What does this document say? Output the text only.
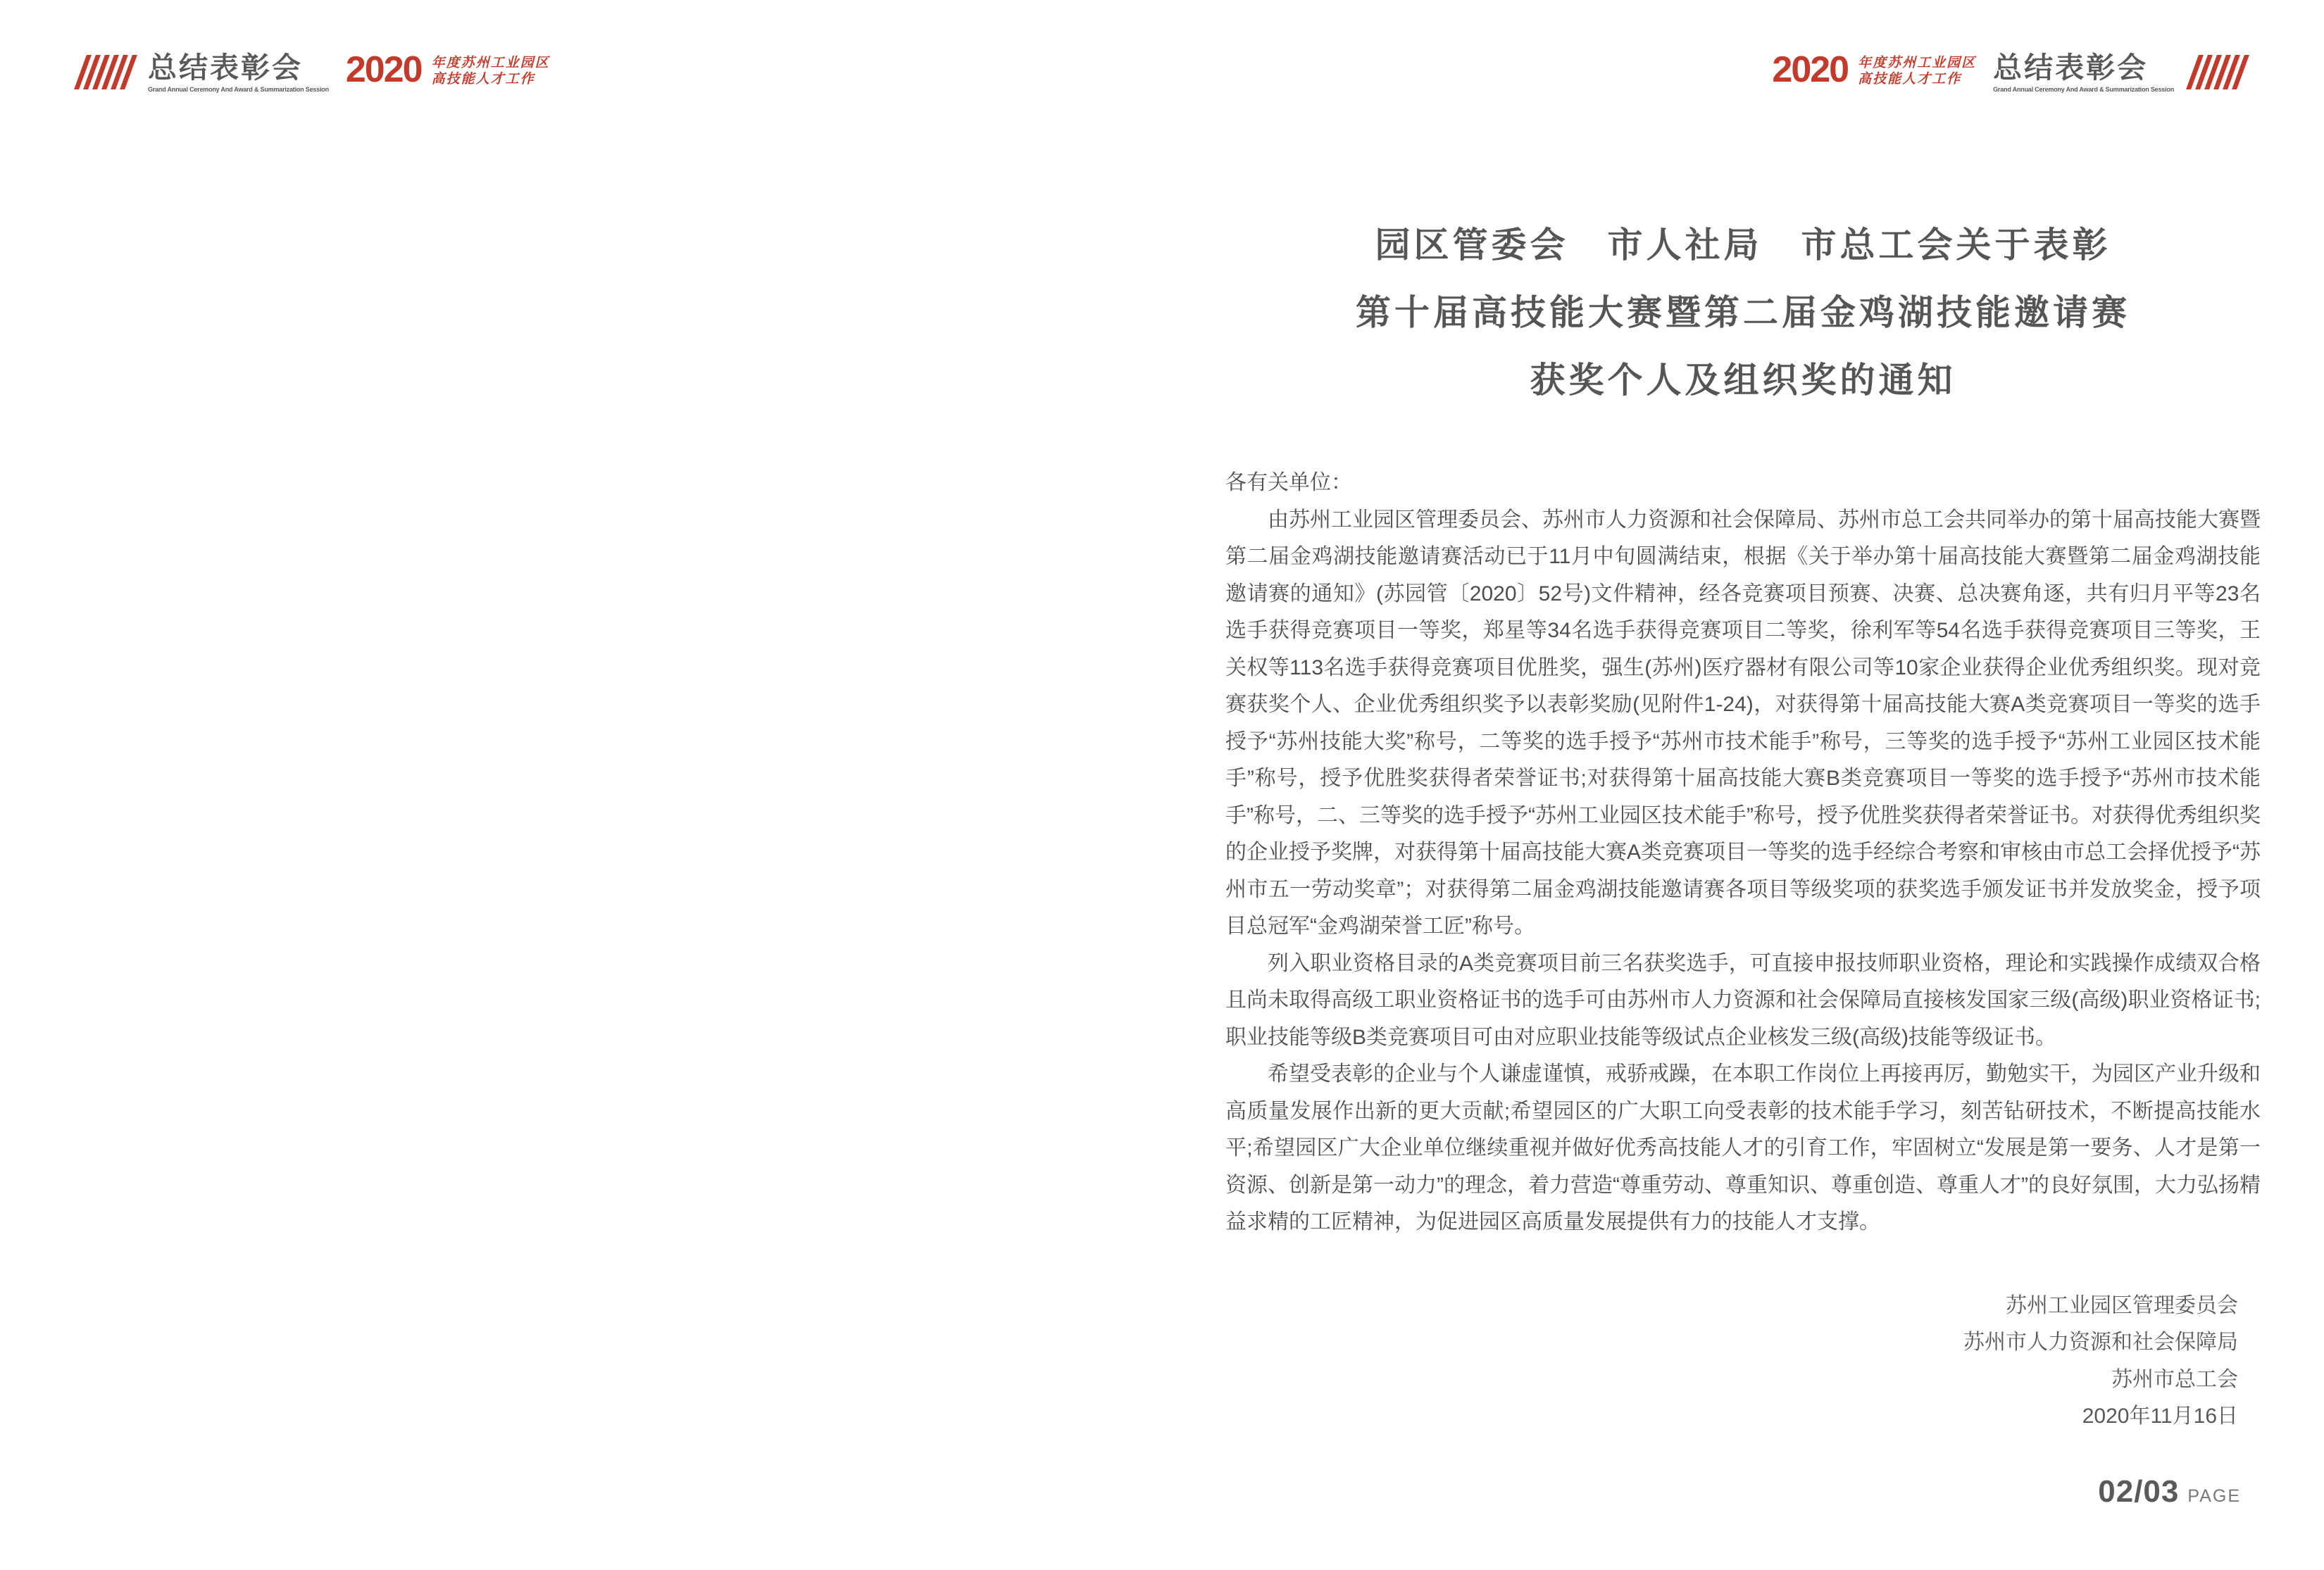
总结表彰会
Grand Annual Ceremony And Award & Summarization Session 2020 年度苏州工业园区
高技能人才工作	2020 年度苏州工业园区
高技能人才工作	总结表彰会
Grand Annual Ceremony And Award & Summarization Session
园区管委会　市人社局　市总工会关于表彰
第十届高技能大赛暨第二届金鸡湖技能邀请赛
获奖个人及组织奖的通知

各有关单位：

由苏州工业园区管理委员会、苏州市人力资源和社会保障局、苏州市总工会共同举办的第十届高技能大赛暨第二届金鸡湖技能邀请赛活动已于11月中旬圆满结束，根据《关于举办第十届高技能大赛暨第二届金鸡湖技能邀请赛的通知》(苏园管〔2020〕52号)文件精神，经各竞赛项目预赛、决赛、总决赛角逐，共有归月平等23名选手获得竞赛项目一等奖，郑星等34名选手获得竞赛项目二等奖，徐利军等54名选手获得竞赛项目三等奖，王关权等113名选手获得竞赛项目优胜奖，强生(苏州)医疗器材有限公司等10家企业获得企业优秀组织奖。现对竞赛获奖个人、企业优秀组织奖予以表彰奖励(见附件1-24)，对获得第十届高技能大赛A类竞赛项目一等奖的选手授予“苏州技能大奖”称号，二等奖的选手授予“苏州市技术能手”称号，三等奖的选手授予“苏州工业园区技术能手”称号，授予优胜奖获得者荣誉证书;对获得第十届高技能大赛B类竞赛项目一等奖的选手授予“苏州市技术能手”称号，二、三等奖的选手授予“苏州工业园区技术能手”称号，授予优胜奖获得者荣誉证书。对获得优秀组织奖的企业授予奖牌，对获得第十届高技能大赛A类竞赛项目一等奖的选手经综合考察和审核由市总工会择优授予“苏州市五一劳动奖章”；对获得第二届金鸡湖技能邀请赛各项目等级奖项的获奖选手颁发证书并发放奖金，授予项目总冠军“金鸡湖荣誉工匠”称号。

列入职业资格目录的A类竞赛项目前三名获奖选手，可直接申报技师职业资格，理论和实践操作成绩双合格且尚未取得高级工职业资格证书的选手可由苏州市人力资源和社会保障局直接核发国家三级(高级)职业资格证书;职业技能等级B类竞赛项目可由对应职业技能等级试点企业核发三级(高级)技能等级证书。

希望受表彰的企业与个人谦虚谨慎，戒骄戒躁，在本职工作岗位上再接再厉，勤勉实干，为园区产业升级和高质量发展作出新的更大贡献;希望园区的广大职工向受表彰的技术能手学习，刻苦钻研技术，不断提高技能水平;希望园区广大企业单位继续重视并做好优秀高技能人才的引育工作，牢固树立“发展是第一要务、人才是第一资源、创新是第一动力”的理念，着力营造“尊重劳动、尊重知识、尊重创造、尊重人才”的良好氛围，大力弘扬精益求精的工匠精神，为促进园区高质量发展提供有力的技能人才支撑。

苏州工业园区管理委员会

苏州市人力资源和社会保障局

苏州市总工会

2020年11月16日

02/03 PAGE
